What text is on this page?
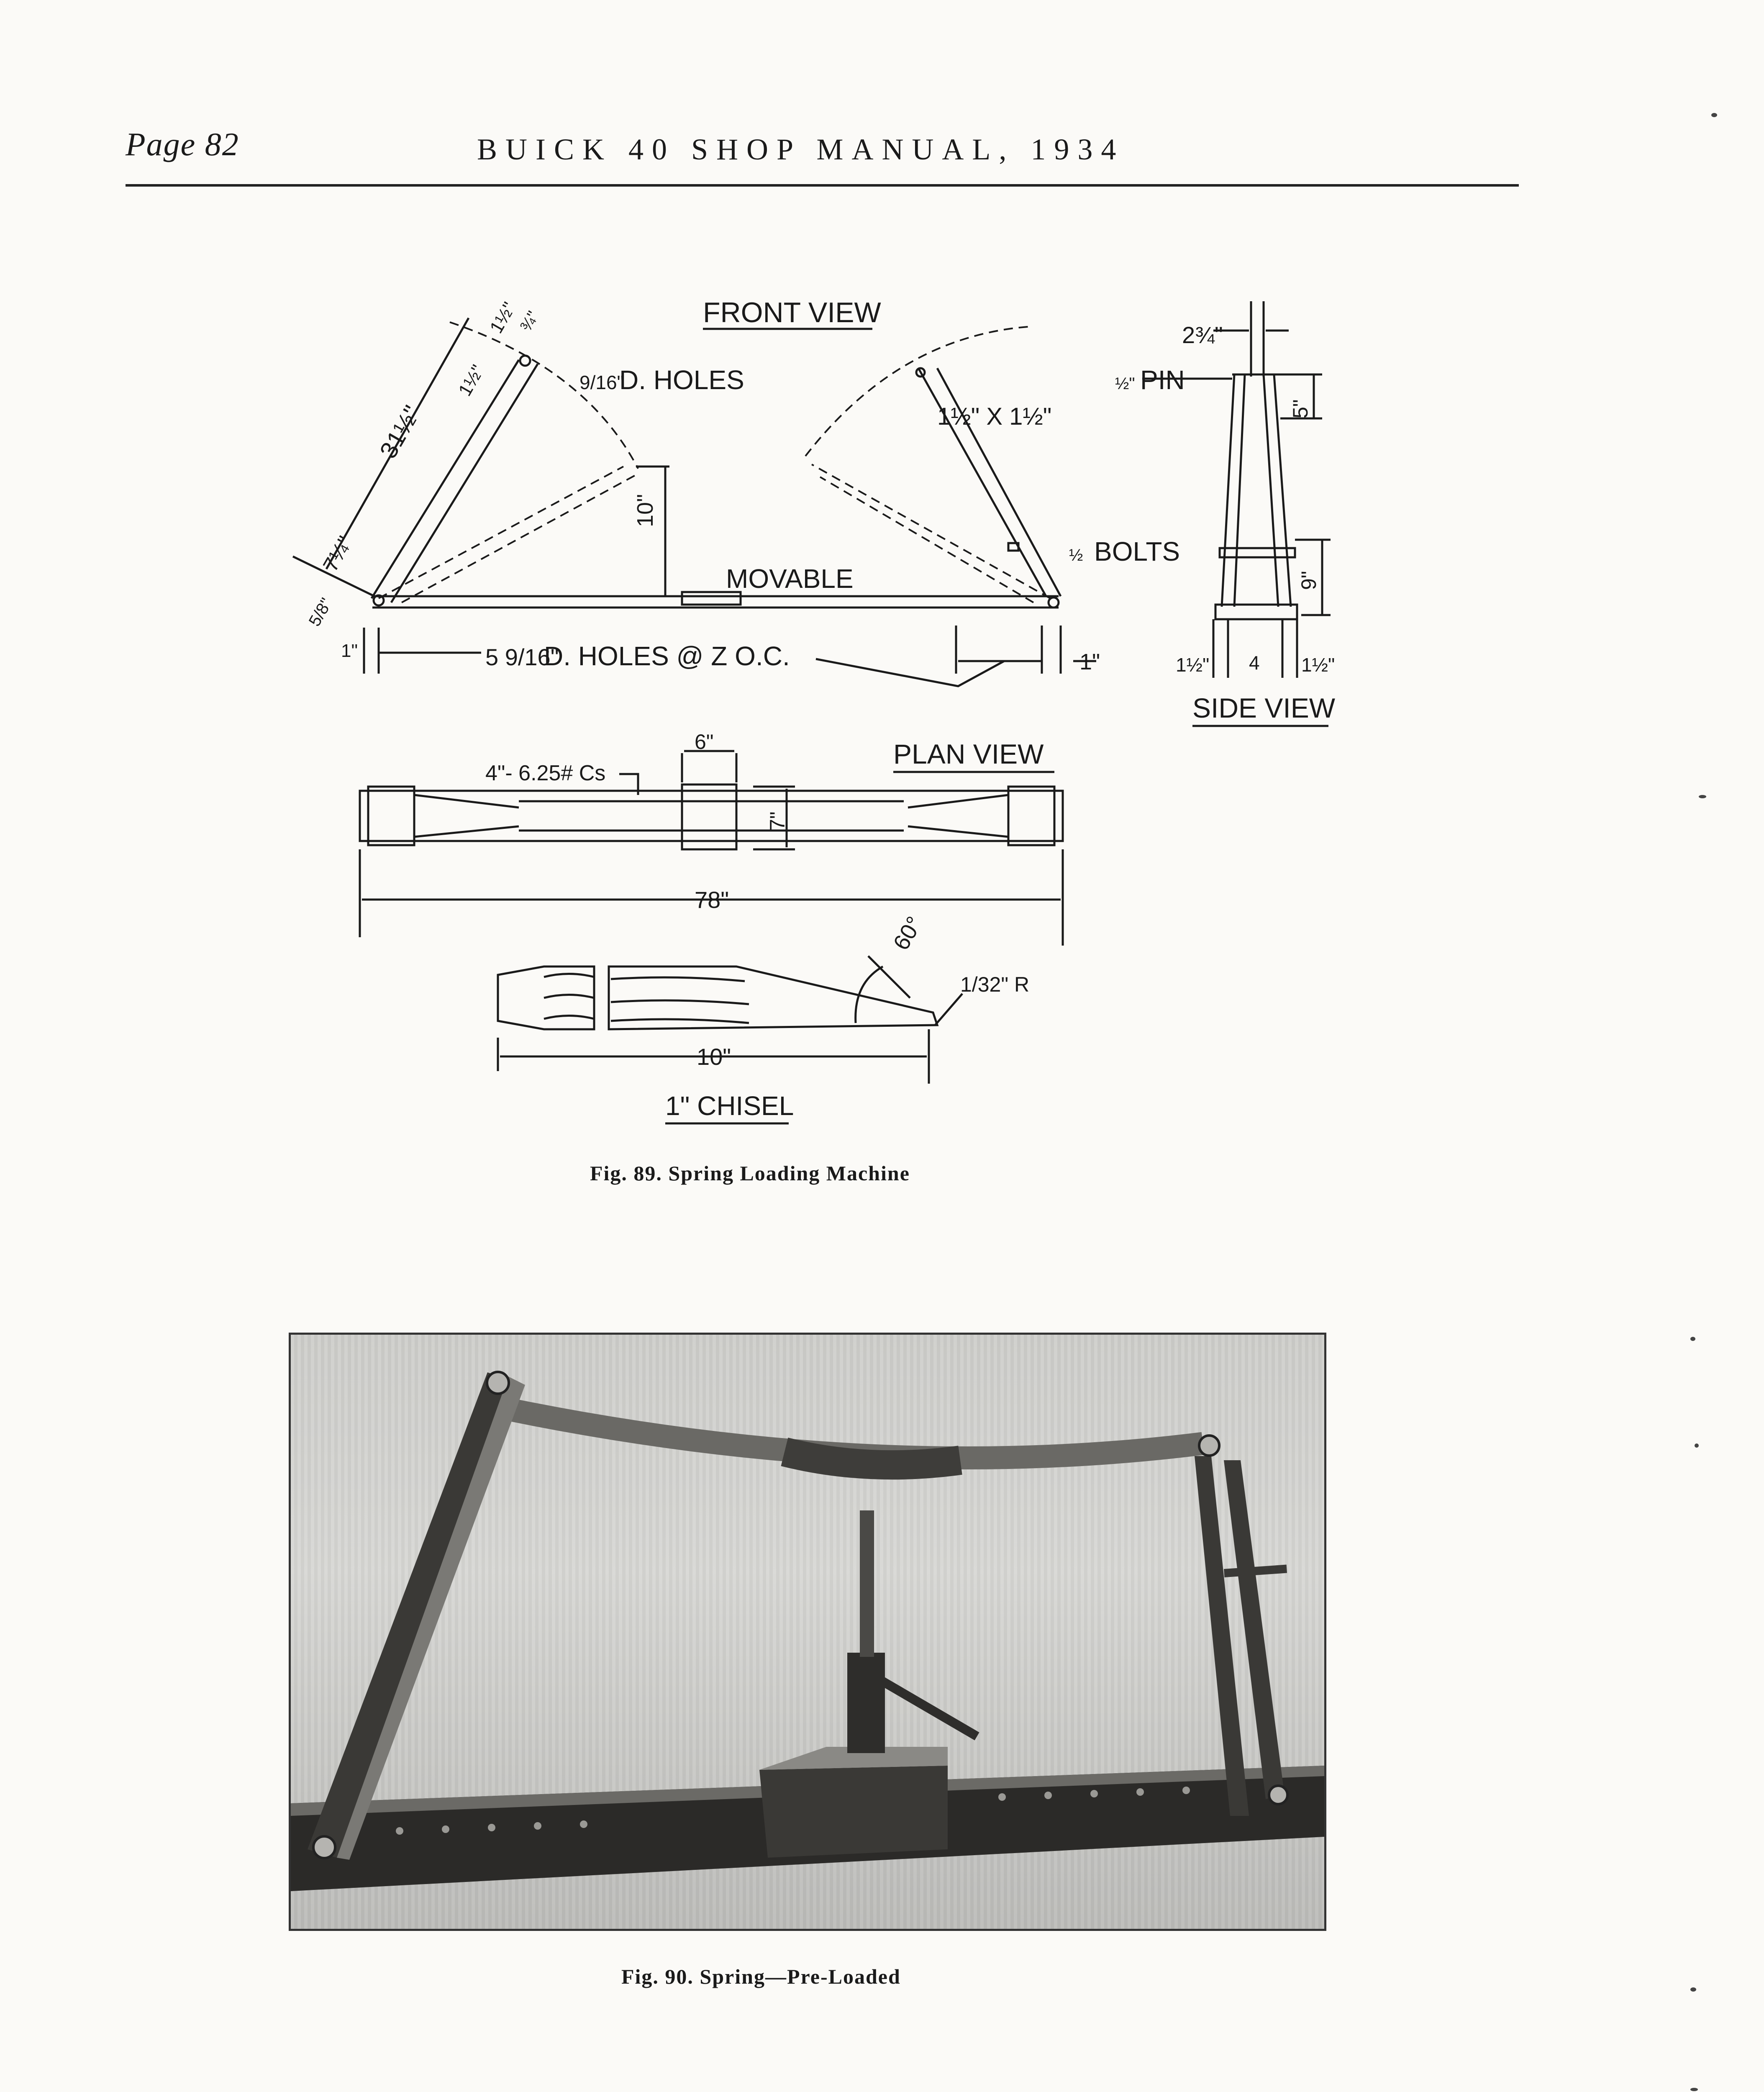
Page 82	BUICK 40 SHOP MANUAL, 1934
FRONT VIEW
9/16"
D. HOLES
1½" X 1½"
MOVABLE
½ BOLTS
5 9/16"
D. HOLES @ Z O.C.
10"
31½"
7¼"
1½"
1½"
¾"
5/8"
1"	1"
2¾"
½" PIN
5"
9"
1½" 4 1½"
SIDE VIEW
4"- 6.25# Cs
6"
7"
78"
PLAN VIEW
60°
1/32" R
10"
1" CHISEL
Fig. 89. Spring Loading Machine
Fig. 90. Spring—Pre-Loaded
